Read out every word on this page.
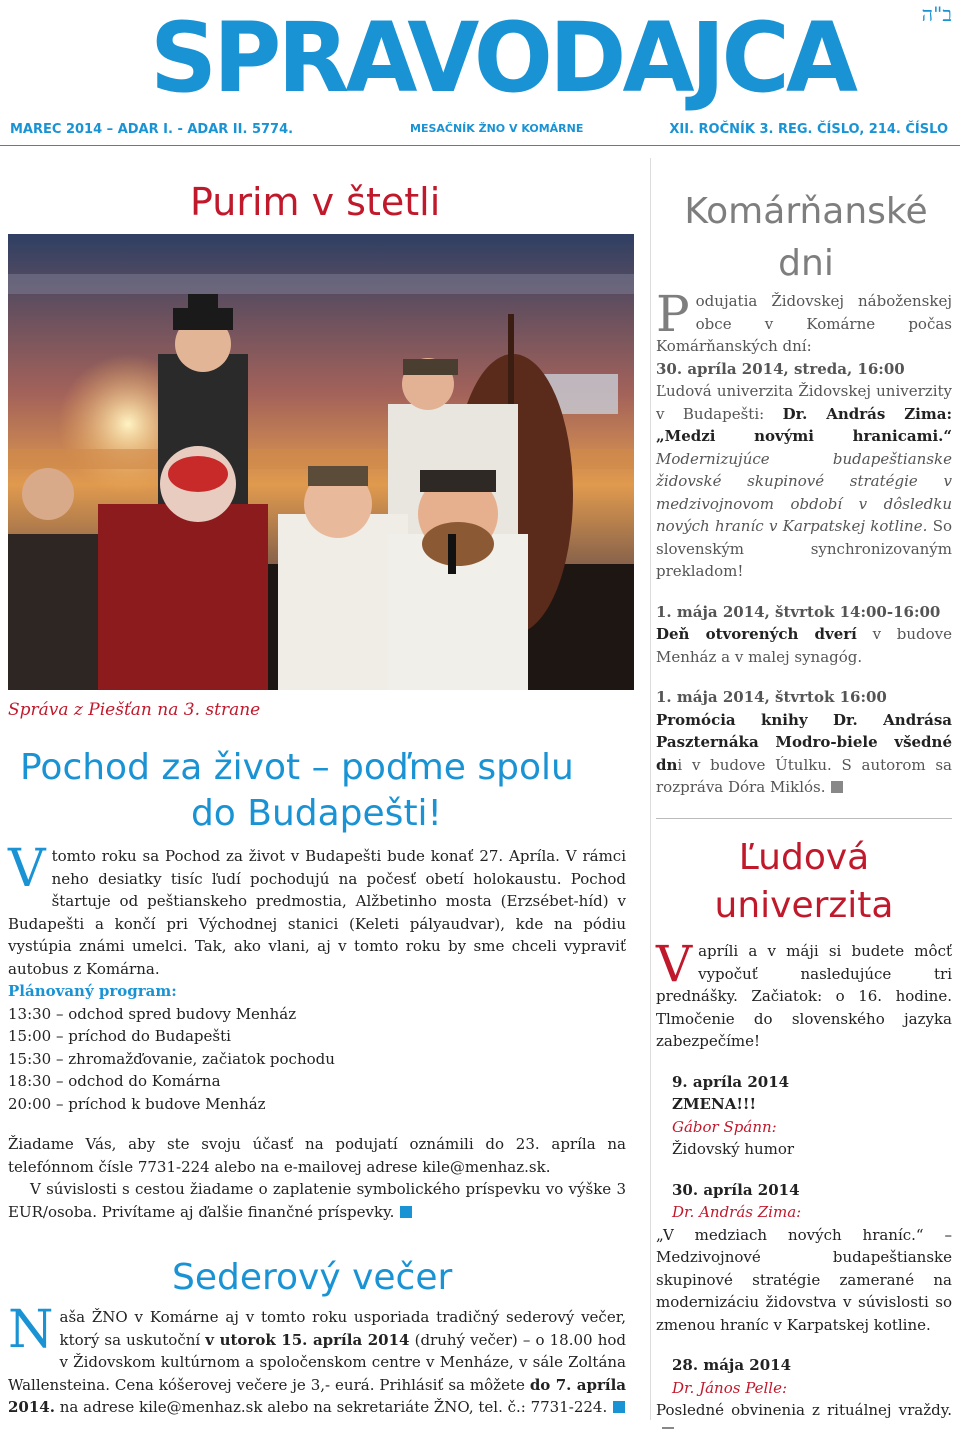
SPRAVODAJCA	ב"ה
MAREC 2014 – ADAR I. - ADAR II. 5774.	MESAČNÍK ŽNO V KOMÁRNE	XII. ROČNÍK 3. REG. ČÍSLO, 214. ČÍSLO
Purim v štetli
Správa z Piešťan na 3. strane
Pochod za život – poďme spolu
do Budapešti!
Vtomto roku sa Pochod za život v Budapešti bude konať 27. Apríla. V rámci neho desiatky tisíc ľudí pochodujú na počesť obetí holokaustu. Pochod štartuje od peštianskeho predmostia, Alžbetinho mosta (Erzsébet-híd) v Budapešti a končí pri Východnej stanici (Keleti pályaudvar), kde na pódiu vystúpia známi umelci. Tak, ako vlani, aj v tomto roku by sme chceli vypraviť autobus z Komárna.
Plánovaný program:
13:30 – odchod spred budovy Menház
15:00 – príchod do Budapešti
15:30 – zhromažďovanie, začiatok pochodu
18:30 – odchod do Komárna
20:00 – príchod k budove Menház
Žiadame Vás, aby ste svoju účasť na podujatí oznámili do 23. apríla na telefónnom čísle 7731-224 alebo na e-mailovej adrese kile@menhaz.sk.
V súvislosti s cestou žiadame o zaplatenie symbolického príspevku vo výške 3 EUR/osoba. Privítame aj ďalšie finančné príspevky.
Sederový večer
Naša ŽNO v Komárne aj v tomto roku usporiada tradičný sederový večer, ktorý sa uskutoční v utorok 15. apríla 2014 (druhý večer) – o 18.00 hod v Židovskom kultúrnom a spoločenskom centre v Menháze, v sále Zoltána Wallensteina. Cena kóšerovej večere je 3,- eurá. Prihlásiť sa môžete do 7. apríla 2014. na adrese kile@menhaz.sk alebo na sekretariáte ŽNO, tel. č.: 7731-224.
Komárňanské
dni
Podujatia Židovskej náboženskej obce v Komárne počas Komárňanských dní:
30. apríla 2014, streda, 16:00
Ľudová univerzita Židovskej univerzity v Budapešti: Dr. András Zima: „Medzi novými hranicami.“ Modernizujúce budapeštianske židovské skupinové stratégie v medzivojnovom období v dôsledku nových hraníc v Karpatskej kotline. So slovenským synchronizovaným prekladom!
1. mája 2014, štvrtok 14:00-16:00
Deň otvorených dverí v budove Menház a v malej synagóg.
1. mája 2014, štvrtok 16:00
Promócia knihy Dr. Andrása Paszternáka Modro-biele všedné dni v budove Útulku. S autorom sa rozpráva Dóra Miklós.
Ľudová
univerzita
Vapríli a v máji si budete môcť vypočuť nasledujúce tri prednášky. Začiatok: o 16. hodine. Tlmočenie do slovenského jazyka zabezpečíme!
9. apríla 2014
ZMENA!!!
Gábor Spánn:
Židovský humor
30. apríla 2014
Dr. András Zima:
„V medziach nových hraníc.“ – Medzivojnové budapeštianske skupinové stratégie zamerané na modernizáciu židovstva v súvislosti so zmenou hraníc v Karpatskej kotline.
28. mája 2014
Dr. János Pelle:
Posledné obvinenia z rituálnej vraždy.
